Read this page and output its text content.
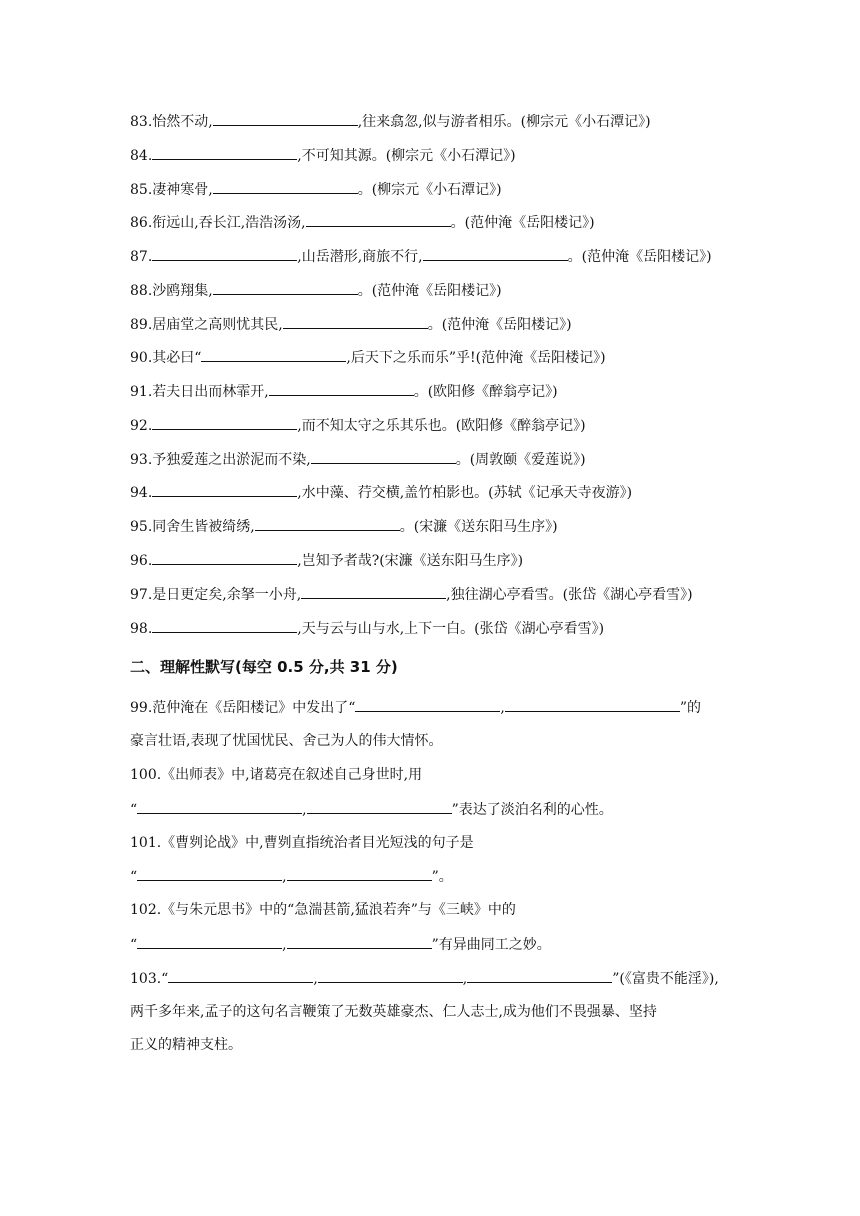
83.怡然不动,	,往来翕忽,似与游者相乐。(柳宗元《小石潭记》)
84.	,不可知其源。(柳宗元《小石潭记》)
85.凄神寒骨,	。(柳宗元《小石潭记》)
86.衔远山,吞长江,浩浩汤汤,	。(范仲淹《岳阳楼记》)
87.	,山岳潜形,商旅不行,	。(范仲淹《岳阳楼记》)
88.沙鸥翔集,	。(范仲淹《岳阳楼记》)
89.居庙堂之高则忧其民,	。(范仲淹《岳阳楼记》)
90.其必曰“	,后天下之乐而乐”乎!(范仲淹《岳阳楼记》)
91.若夫日出而林霏开,	。(欧阳修《醉翁亭记》)
92.	,而不知太守之乐其乐也。(欧阳修《醉翁亭记》)
93.予独爱莲之出淤泥而不染,	。(周敦颐《爱莲说》)
94.	,水中藻、荇交横,盖竹柏影也。(苏轼《记承天寺夜游》)
95.同舍生皆被绮绣,	。(宋濂《送东阳马生序》)
96.	,岂知予者哉?(宋濂《送东阳马生序》)
97.是日更定矣,余拏一小舟,	,独往湖心亭看雪。(张岱《湖心亭看雪》)
98.	,天与云与山与水,上下一白。(张岱《湖心亭看雪》)
二、理解性默写(每空 0.5 分,共 31 分)
99.范仲淹在《岳阳楼记》中发出了“	,	”的
豪言壮语,表现了忧国忧民、舍己为人的伟大情怀。
100.《出师表》中,诸葛亮在叙述自己身世时,用
“	,	”表达了淡泊名利的心性。
101.《曹刿论战》中,曹刿直指统治者目光短浅的句子是
“	,	”。
102.《与朱元思书》中的“急湍甚箭,猛浪若奔”与《三峡》中的
“	,	”有异曲同工之妙。
103.“	,	,	”(《富贵不能淫》),
两千多年来,孟子的这句名言鞭策了无数英雄豪杰、仁人志士,成为他们不畏强暴、坚持
正义的精神支柱。
